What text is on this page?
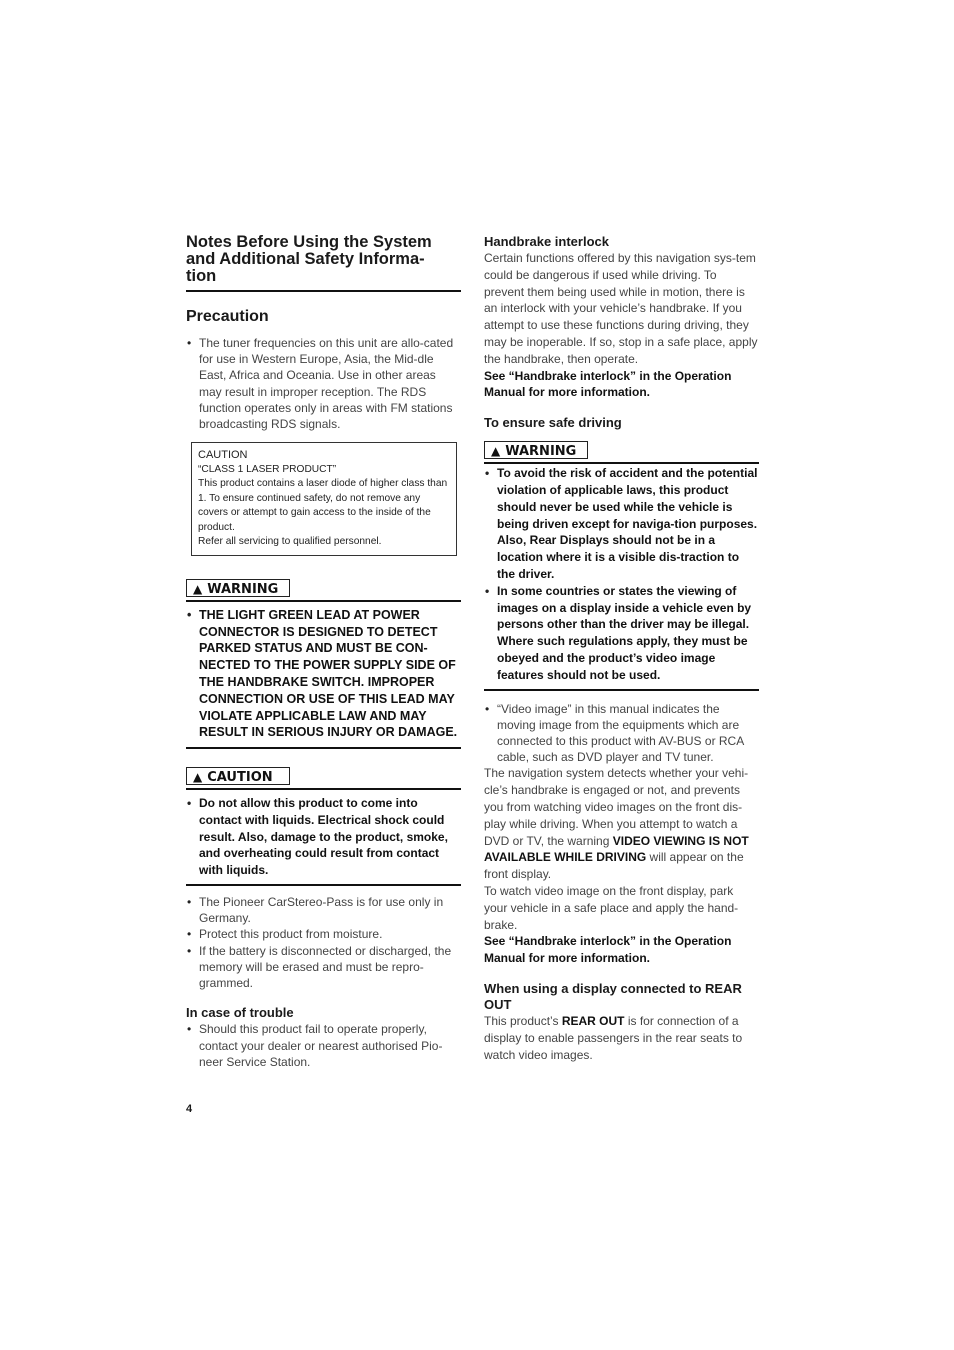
Notes Before Using the System
and Additional Safety Informa-
tion
Precaution
• The tuner frequencies on this unit are allo-cated for use in Western Europe, Asia, the Mid-dle East, Africa and Oceania. Use in other areas may result in improper reception. The RDS function operates only in areas with FM stations broadcasting RDS signals.
CAUTION
“CLASS 1 LASER PRODUCT”
This product contains a laser diode of higher class than 1. To ensure continued safety, do not remove any covers or attempt to gain access to the inside of the product.
Refer all servicing to qualified personnel.
▲ WARNING
• THE LIGHT GREEN LEAD AT POWER CONNECTOR IS DESIGNED TO DETECT PARKED STATUS AND MUST BE CON-NECTED TO THE POWER SUPPLY SIDE OF THE HANDBRAKE SWITCH. IMPROPER CONNECTION OR USE OF THIS LEAD MAY VIOLATE APPLICABLE LAW AND MAY RESULT IN SERIOUS INJURY OR DAMAGE.
▲ CAUTION
• Do not allow this product to come into contact with liquids. Electrical shock could result. Also, damage to the product, smoke, and overheating could result from contact with liquids.
• The Pioneer CarStereo-Pass is for use only in Germany.
• Protect this product from moisture.
• If the battery is disconnected or discharged, the memory will be erased and must be repro-grammed.
In case of trouble
• Should this product fail to operate properly, contact your dealer or nearest authorised Pio-neer Service Station.
Handbrake interlock

Certain functions offered by this navigation sys-tem could be dangerous if used while driving. To prevent them being used while in motion, there is an interlock with your vehicle’s handbrake. If you attempt to use these functions during driving, they may be inoperable. If so, stop in a safe place, apply the handbrake, then operate.

See “Handbrake interlock” in the Operation Manual for more information.

To ensure safe driving
▲ WARNING
• To avoid the risk of accident and the potential violation of applicable laws, this product should never be used while the vehicle is being driven except for naviga-tion purposes. Also, Rear Displays should not be in a location where it is a visible dis-traction to the driver.
• In some countries or states the viewing of images on a display inside a vehicle even by persons other than the driver may be illegal. Where such regulations apply, they must be obeyed and the product’s video image features should not be used.
• “Video image” in this manual indicates the moving image from the equipments which are connected to this product with AV-BUS or RCA cable, such as DVD player and TV tuner.

The navigation system detects whether your vehi-cle’s handbrake is engaged or not, and prevents you from watching video images on the front dis-play while driving. When you attempt to watch a DVD or TV, the warning VIDEO VIEWING IS NOT AVAILABLE WHILE DRIVING will appear on the front display.

To watch video image on the front display, park your vehicle in a safe place and apply the hand-brake.

See “Handbrake interlock” in the Operation Manual for more information.

When using a display connected to REAR OUT

This product’s REAR OUT is for connection of a display to enable passengers in the rear seats to watch video images.

4
